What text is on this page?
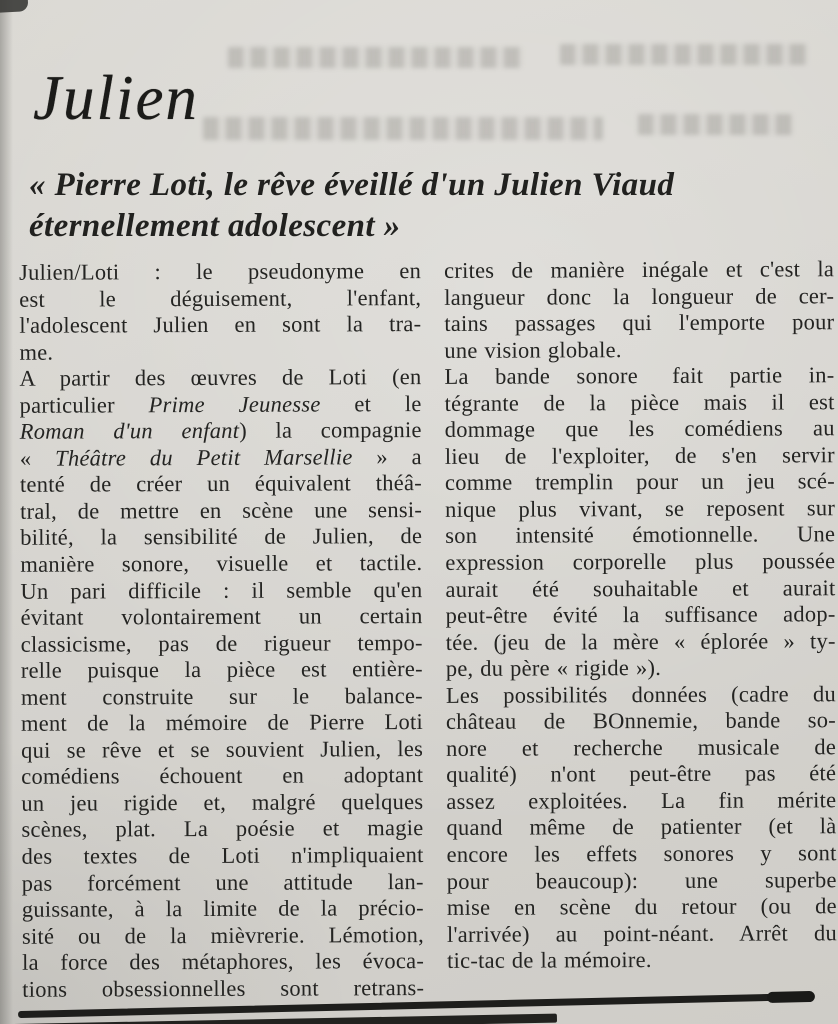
Julien
« Pierre Loti, le rêve éveillé d'un Julien Viaud
éternellement adolescent »
Julien/Loti : le pseudonyme en
est le déguisement, l'enfant,
l'adolescent Julien en sont la tra-
me.
A partir des œuvres de Loti (en
particulier Prime Jeunesse et le
Roman d'un enfant) la compagnie
« Théâtre du Petit Marsellie » a
tenté de créer un équivalent théâ-
tral, de mettre en scène une sensi-
bilité, la sensibilité de Julien, de
manière sonore, visuelle et tactile.
Un pari difficile : il semble qu'en
évitant volontairement un certain
classicisme, pas de rigueur tempo-
relle puisque la pièce est entière-
ment construite sur le balance-
ment de la mémoire de Pierre Loti
qui se rêve et se souvient Julien, les
comédiens échouent en adoptant
un jeu rigide et, malgré quelques
scènes, plat. La poésie et magie
des textes de Loti n'impliquaient
pas forcément une attitude lan-
guissante, à la limite de la précio-
sité ou de la mièvrerie. Lémotion,
la force des métaphores, les évoca-
tions obsessionnelles sont retrans-
crites de manière inégale et c'est la
langueur donc la longueur de cer-
tains passages qui l'emporte pour
une vision globale.
La bande sonore  fait partie in-
tégrante de la pièce mais il est
dommage que les comédiens au
lieu de l'exploiter, de s'en servir
comme tremplin pour un jeu scé-
nique plus vivant, se reposent sur
son intensité émotionnelle. Une
expression corporelle plus poussée
aurait été souhaitable et aurait
peut-être évité la suffisance adop-
tée. (jeu de la mère « éplorée » ty-
pe, du père « rigide »).
Les possibilités données (cadre du
château de BOnnemie, bande so-
nore et recherche musicale de
qualité) n'ont peut-être pas été
assez exploitées. La fin mérite
quand même de patienter (et là
encore les effets sonores y sont
pour beaucoup): une superbe
mise en scène du retour (ou de
l'arrivée) au point-néant. Arrêt du
tic-tac de la mémoire.
